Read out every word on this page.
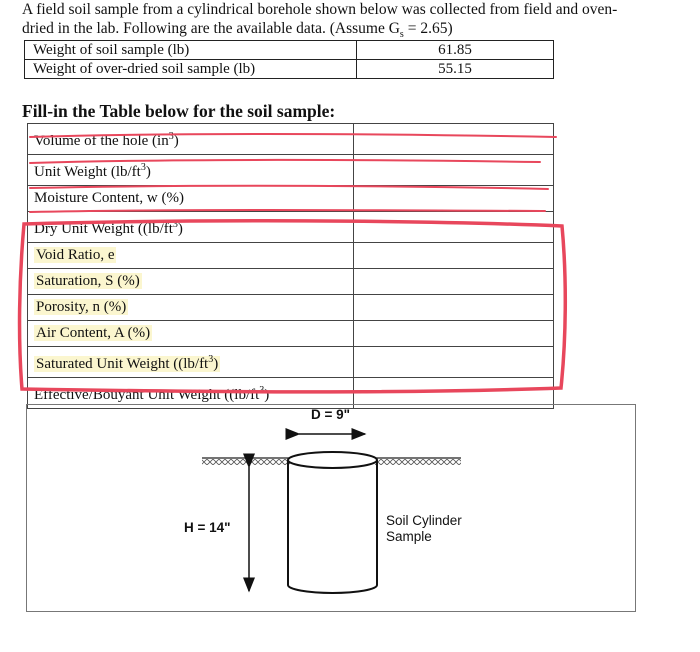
A field soil sample from a cylindrical borehole shown below was collected from field and oven-
dried in the lab. Following are the available data. (Assume $G_s = 2.65$)

Weight of soil sample (lb)	61.85
Weight of over-dried soil sample (lb)	55.15

Fill-in the Table below for the soil sample:

Volume of the hole $(in^3)$	
Unit Weight $(lb/ft^3)$	
Moisture Content, w (%)	
Dry Unit Weight ($(lb/ft^3)$	
Void Ratio, e	
Saturation, S (%)	
Porosity, n (%)	
Air Content, A (%)	
Saturated Unit Weight ($(lb/ft^3)$	
Effective/Bouyant Unit Weight ($(lb/ft^3)$	
D = 9"
H = 14"	Soil Cylinder
Sample
